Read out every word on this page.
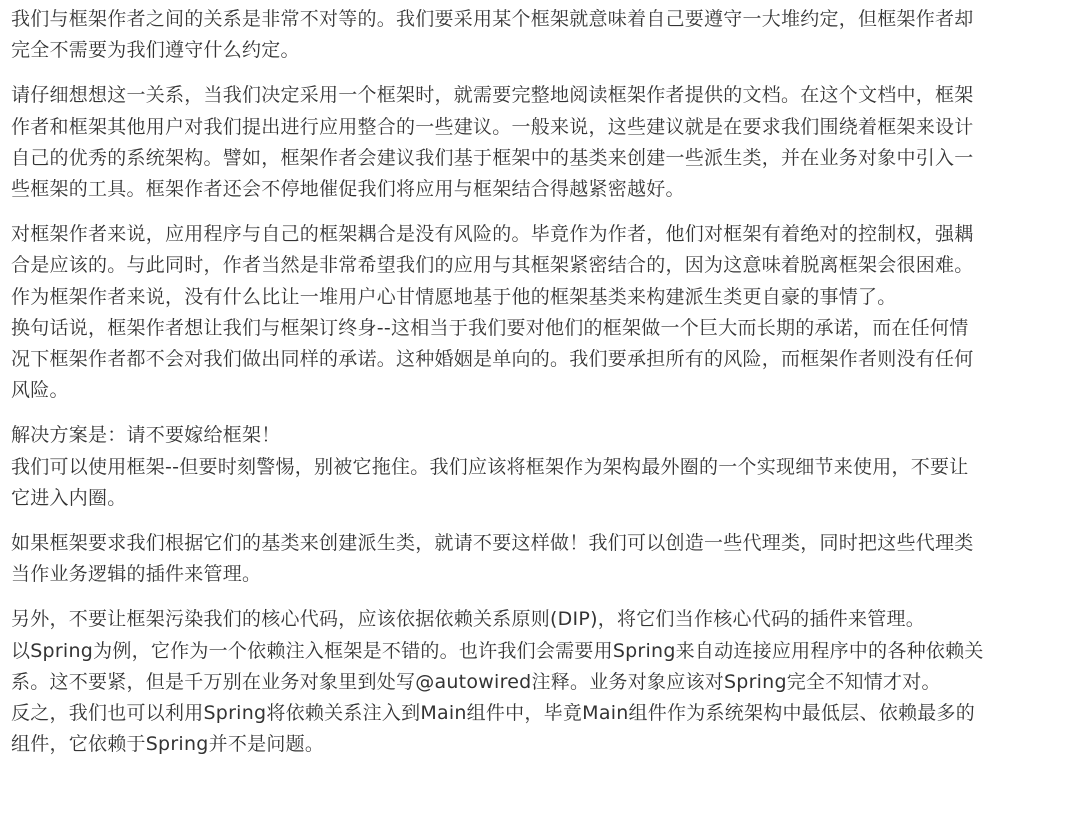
我们与框架作者之间的关系是非常不对等的。我们要采用某个框架就意味着自己要遵守一大堆约定，但框架作者却
完全不需要为我们遵守什么约定。

请仔细想想这一关系，当我们决定采用一个框架时，就需要完整地阅读框架作者提供的文档。在这个文档中，框架
作者和框架其他用户对我们提出进行应用整合的一些建议。一般来说，这些建议就是在要求我们围绕着框架来设计
自己的优秀的系统架构。譬如，框架作者会建议我们基于框架中的基类来创建一些派生类，并在业务对象中引入一
些框架的工具。框架作者还会不停地催促我们将应用与框架结合得越紧密越好。

对框架作者来说，应用程序与自己的框架耦合是没有风险的。毕竟作为作者，他们对框架有着绝对的控制权，强耦
合是应该的。与此同时，作者当然是非常希望我们的应用与其框架紧密结合的，因为这意味着脱离框架会很困难。
作为框架作者来说，没有什么比让一堆用户心甘情愿地基于他的框架基类来构建派生类更自豪的事情了。
换句话说，框架作者想让我们与框架订终身--这相当于我们要对他们的框架做一个巨大而长期的承诺，而在任何情
况下框架作者都不会对我们做出同样的承诺。这种婚姻是单向的。我们要承担所有的风险，而框架作者则没有任何
风险。

解决方案是：请不要嫁给框架！
我们可以使用框架--但要时刻警惕，别被它拖住。我们应该将框架作为架构最外圈的一个实现细节来使用，不要让
它进入内圈。

如果框架要求我们根据它们的基类来创建派生类，就请不要这样做！我们可以创造一些代理类，同时把这些代理类
当作业务逻辑的插件来管理。

另外，不要让框架污染我们的核心代码，应该依据依赖关系原则(DIP)，将它们当作核心代码的插件来管理。
以Spring为例，它作为一个依赖注入框架是不错的。也许我们会需要用Spring来自动连接应用程序中的各种依赖关
系。这不要紧，但是千万别在业务对象里到处写@autowired注释。业务对象应该对Spring完全不知情才对。
反之，我们也可以利用Spring将依赖关系注入到Main组件中，毕竟Main组件作为系统架构中最低层、依赖最多的
组件，它依赖于Spring并不是问题。
